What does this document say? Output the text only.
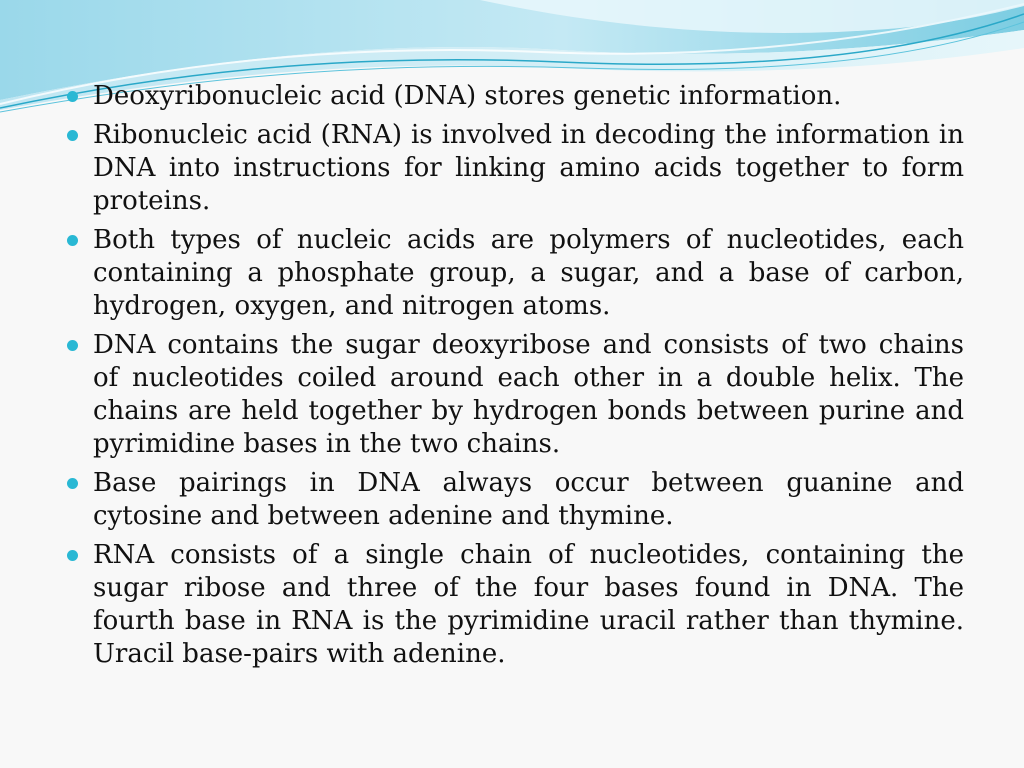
Deoxyribonucleic acid (DNA) stores genetic information.
Ribonucleic acid (RNA) is involved in decoding the information in DNA into instructions for linking amino acids together to form proteins.
Both types of nucleic acids are polymers of nucleotides, each containing a phosphate group, a sugar, and a base of carbon, hydrogen, oxygen, and nitrogen atoms.
DNA contains the sugar deoxyribose and consists of two chains of nucleotides coiled around each other in a double helix. The chains are held together by hydrogen bonds between purine and pyrimidine bases in the two chains.
Base pairings in DNA always occur between guanine and cytosine and between adenine and thymine.
RNA consists of a single chain of nucleotides, containing the sugar ribose and three of the four bases found in DNA. The fourth base in RNA is the pyrimidine uracil rather than thymine. Uracil base-pairs with adenine.
